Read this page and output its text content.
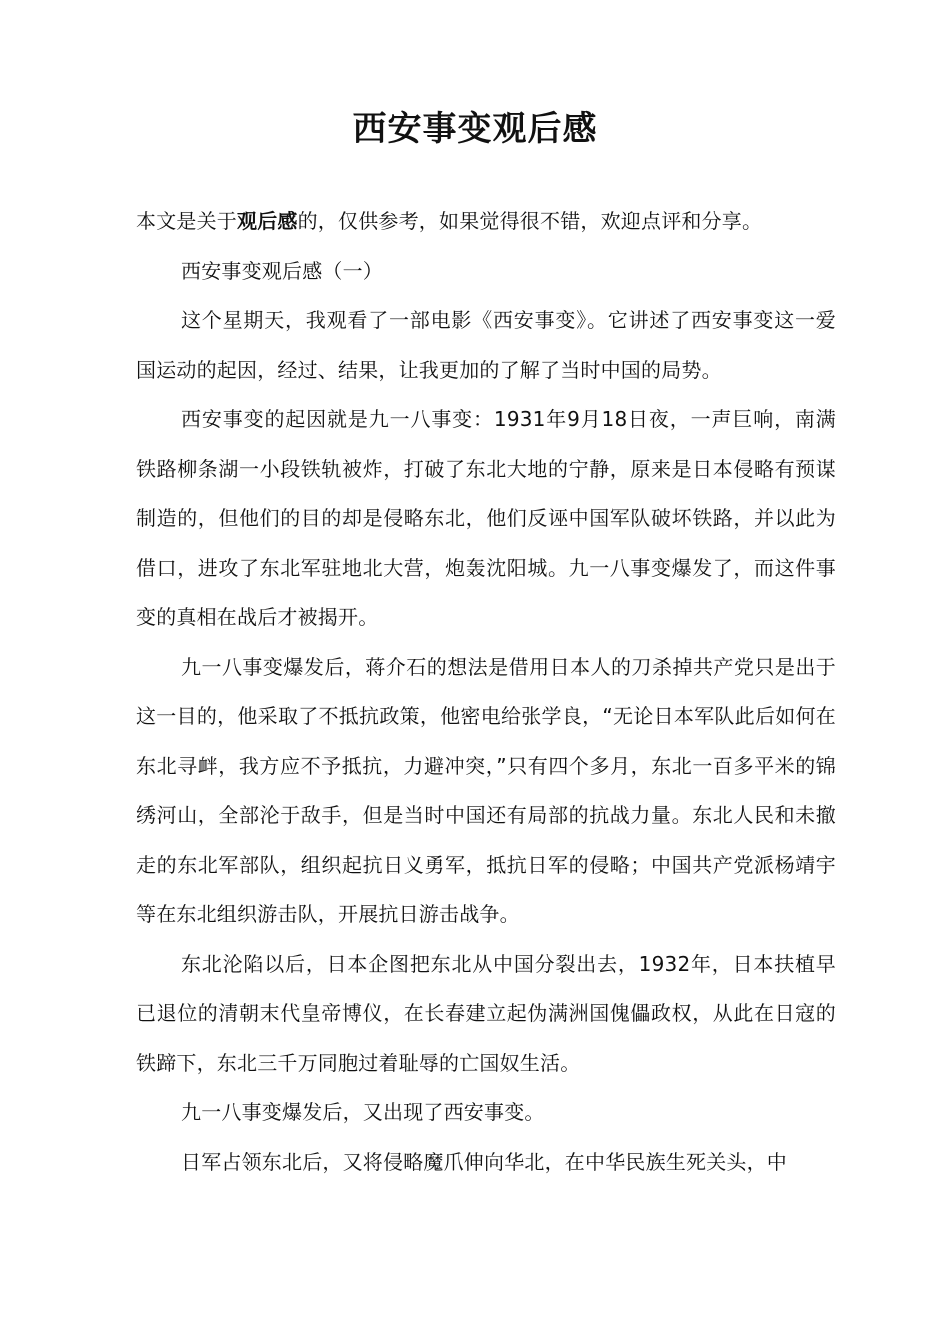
西安事变观后感

本文是关于观后感的，仅供参考，如果觉得很不错，欢迎点评和分享。

西安事变观后感（一）

这个星期天，我观看了一部电影《西安事变》。它讲述了西安事变这一爱国运动的起因，经过、结果，让我更加的了解了当时中国的局势。

西安事变的起因就是九一八事变：1931年9月18日夜，一声巨响，南满铁路柳条湖一小段铁轨被炸，打破了东北大地的宁静，原来是日本侵略有预谋制造的，但他们的目的却是侵略东北，他们反诬中国军队破坏铁路，并以此为借口，进攻了东北军驻地北大营，炮轰沈阳城。九一八事变爆发了，而这件事变的真相在战后才被揭开。

九一八事变爆发后，蒋介石的想法是借用日本人的刀杀掉共产党只是出于这一目的，他采取了不抵抗政策，他密电给张学良，“无论日本军队此后如何在东北寻衅，我方应不予抵抗，力避冲突，”只有四个多月，东北一百多平米的锦绣河山，全部沦于敌手，但是当时中国还有局部的抗战力量。东北人民和未撤走的东北军部队，组织起抗日义勇军，抵抗日军的侵略；中国共产党派杨靖宇等在东北组织游击队，开展抗日游击战争。

东北沦陷以后，日本企图把东北从中国分裂出去，1932年，日本扶植早已退位的清朝末代皇帝博仪，在长春建立起伪满洲国傀儡政权，从此在日寇的铁蹄下，东北三千万同胞过着耻辱的亡国奴生活。

九一八事变爆发后，又出现了西安事变。

日军占领东北后，又将侵略魔爪伸向华北，在中华民族生死关头，中
